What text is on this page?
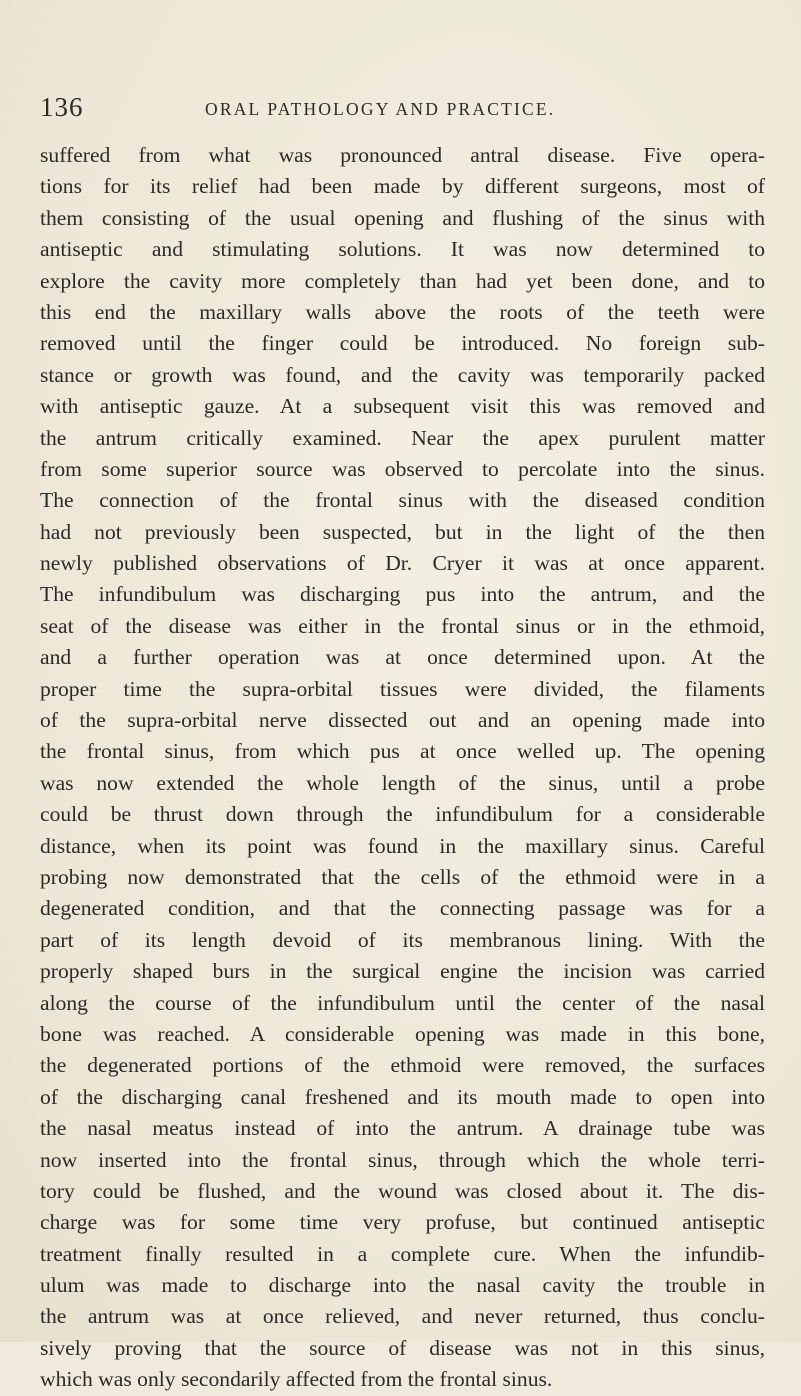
136	ORAL PATHOLOGY AND PRACTICE.
suffered from what was pronounced antral disease. Five opera-
tions for its relief had been made by different surgeons, most of
them consisting of the usual opening and flushing of the sinus with
antiseptic and stimulating solutions. It was now determined to
explore the cavity more completely than had yet been done, and to
this end the maxillary walls above the roots of the teeth were
removed until the finger could be introduced. No foreign sub-
stance or growth was found, and the cavity was temporarily packed
with antiseptic gauze. At a subsequent visit this was removed and
the antrum critically examined. Near the apex purulent matter
from some superior source was observed to percolate into the sinus.
The connection of the frontal sinus with the diseased condition
had not previously been suspected, but in the light of the then
newly published observations of Dr. Cryer it was at once apparent.
The infundibulum was discharging pus into the antrum, and the
seat of the disease was either in the frontal sinus or in the ethmoid,
and a further operation was at once determined upon. At the
proper time the supra-orbital tissues were divided, the filaments
of the supra-orbital nerve dissected out and an opening made into
the frontal sinus, from which pus at once welled up. The opening
was now extended the whole length of the sinus, until a probe
could be thrust down through the infundibulum for a considerable
distance, when its point was found in the maxillary sinus. Careful
probing now demonstrated that the cells of the ethmoid were in a
degenerated condition, and that the connecting passage was for a
part of its length devoid of its membranous lining. With the
properly shaped burs in the surgical engine the incision was carried
along the course of the infundibulum until the center of the nasal
bone was reached. A considerable opening was made in this bone,
the degenerated portions of the ethmoid were removed, the surfaces
of the discharging canal freshened and its mouth made to open into
the nasal meatus instead of into the antrum. A drainage tube was
now inserted into the frontal sinus, through which the whole terri-
tory could be flushed, and the wound was closed about it. The dis-
charge was for some time very profuse, but continued antiseptic
treatment finally resulted in a complete cure. When the infundib-
ulum was made to discharge into the nasal cavity the trouble in
the antrum was at once relieved, and never returned, thus conclu-
sively proving that the source of disease was not in this sinus,
which was only secondarily affected from the frontal sinus.
